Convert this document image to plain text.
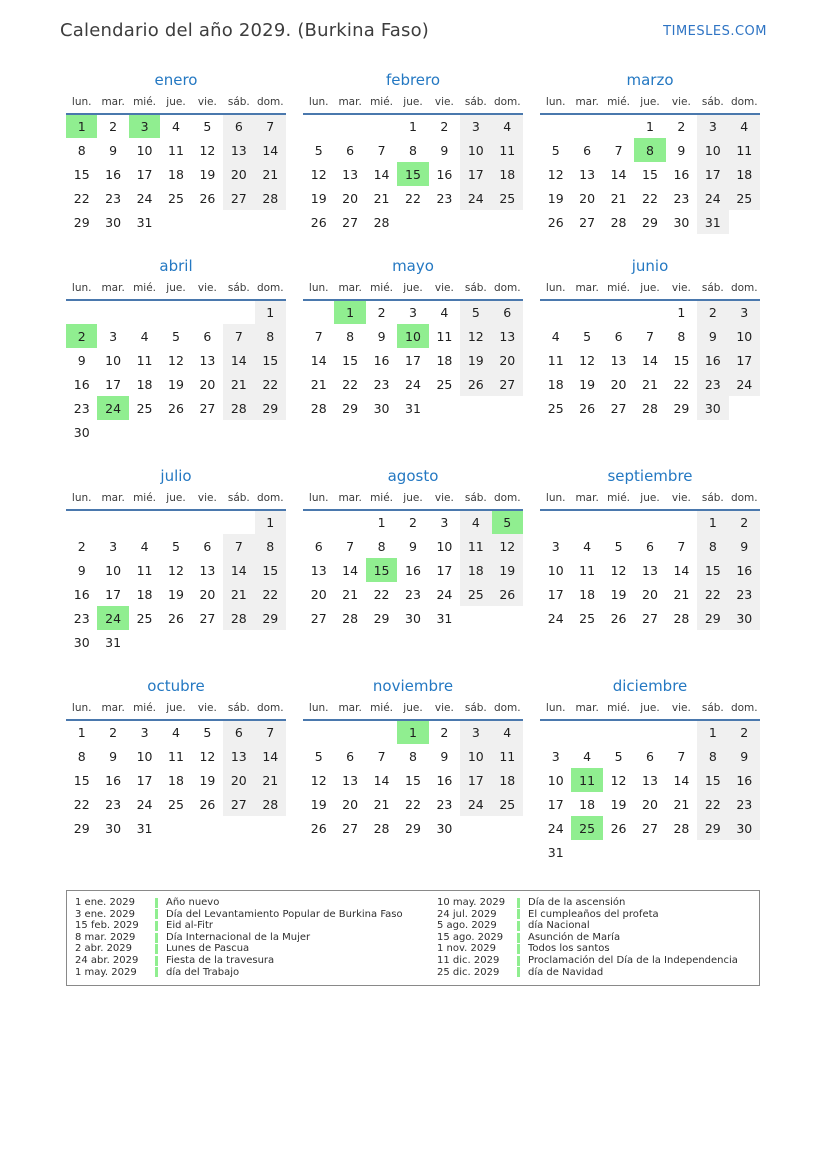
Calendario del año 2029. (Burkina Faso)	TIMESLES.COM
enero
lun.	mar.	mié.	jue.	vie.	sáb.	dom.
1	2	3	4	5	6	7
8	9	10	11	12	13	14
15	16	17	18	19	20	21
22	23	24	25	26	27	28
29	30	31				
febrero
lun.	mar.	mié.	jue.	vie.	sáb.	dom.
			1	2	3	4
5	6	7	8	9	10	11
12	13	14	15	16	17	18
19	20	21	22	23	24	25
26	27	28				
marzo
lun.	mar.	mié.	jue.	vie.	sáb.	dom.
			1	2	3	4
5	6	7	8	9	10	11
12	13	14	15	16	17	18
19	20	21	22	23	24	25
26	27	28	29	30	31	
abril
lun.	mar.	mié.	jue.	vie.	sáb.	dom.
						1
2	3	4	5	6	7	8
9	10	11	12	13	14	15
16	17	18	19	20	21	22
23	24	25	26	27	28	29
30						
mayo
lun.	mar.	mié.	jue.	vie.	sáb.	dom.
	1	2	3	4	5	6
7	8	9	10	11	12	13
14	15	16	17	18	19	20
21	22	23	24	25	26	27
28	29	30	31			
junio
lun.	mar.	mié.	jue.	vie.	sáb.	dom.
				1	2	3
4	5	6	7	8	9	10
11	12	13	14	15	16	17
18	19	20	21	22	23	24
25	26	27	28	29	30	
julio
lun.	mar.	mié.	jue.	vie.	sáb.	dom.
						1
2	3	4	5	6	7	8
9	10	11	12	13	14	15
16	17	18	19	20	21	22
23	24	25	26	27	28	29
30	31					
agosto
lun.	mar.	mié.	jue.	vie.	sáb.	dom.
		1	2	3	4	5
6	7	8	9	10	11	12
13	14	15	16	17	18	19
20	21	22	23	24	25	26
27	28	29	30	31		
septiembre
lun.	mar.	mié.	jue.	vie.	sáb.	dom.
					1	2
3	4	5	6	7	8	9
10	11	12	13	14	15	16
17	18	19	20	21	22	23
24	25	26	27	28	29	30
octubre
lun.	mar.	mié.	jue.	vie.	sáb.	dom.
1	2	3	4	5	6	7
8	9	10	11	12	13	14
15	16	17	18	19	20	21
22	23	24	25	26	27	28
29	30	31				
noviembre
lun.	mar.	mié.	jue.	vie.	sáb.	dom.
			1	2	3	4
5	6	7	8	9	10	11
12	13	14	15	16	17	18
19	20	21	22	23	24	25
26	27	28	29	30		
diciembre
lun.	mar.	mié.	jue.	vie.	sáb.	dom.
					1	2
3	4	5	6	7	8	9
10	11	12	13	14	15	16
17	18	19	20	21	22	23
24	25	26	27	28	29	30
31						
1 ene. 2029	Año nuevo
3 ene. 2029	Día del Levantamiento Popular de Burkina Faso
15 feb. 2029	Eid al-Fitr
8 mar. 2029	Día Internacional de la Mujer
2 abr. 2029	Lunes de Pascua
24 abr. 2029	Fiesta de la travesura
1 may. 2029	día del Trabajo
10 may. 2029	Día de la ascensión
24 jul. 2029	El cumpleaños del profeta
5 ago. 2029	día Nacional
15 ago. 2029	Asunción de María
1 nov. 2029	Todos los santos
11 dic. 2029	Proclamación del Día de la Independencia
25 dic. 2029	día de Navidad
